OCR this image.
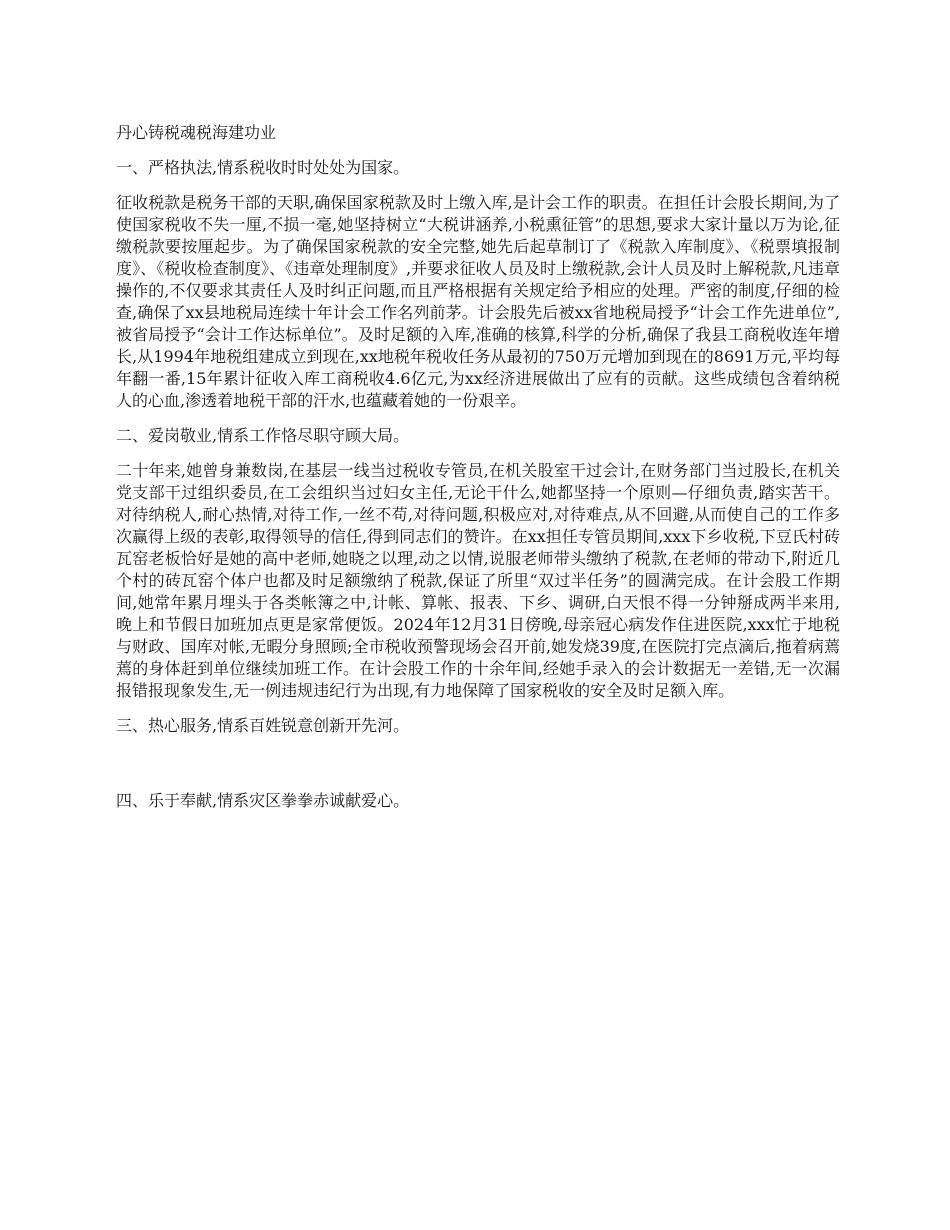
丹心铸税魂税海建功业

一、严格执法,情系税收时时处处为国家。

征收税款是税务干部的天职,确保国家税款及时上缴入库,是计会工作的职责。在担任计会股长期间,为了使国家税收不失一厘,不损一毫,她坚持树立“大税讲涵养,小税熏征管”的思想,要求大家计量以万为论,征缴税款要按厘起步。为了确保国家税款的安全完整,她先后起草制订了《税款入库制度》、《税票填报制度》、《税收检查制度》、《违章处理制度》,并要求征收人员及时上缴税款,会计人员及时上解税款,凡违章操作的,不仅要求其责任人及时纠正问题,而且严格根据有关规定给予相应的处理。严密的制度,仔细的检查,确保了xx县地税局连续十年计会工作名列前茅。计会股先后被xx省地税局授予“计会工作先进单位”,被省局授予“会计工作达标单位”。及时足额的入库,准确的核算,科学的分析,确保了我县工商税收连年增长,从1994年地税组建成立到现在,xx地税年税收任务从最初的750万元增加到现在的8691万元,平均每年翻一番,15年累计征收入库工商税收4.6亿元,为xx经济进展做出了应有的贡献。这些成绩包含着纳税人的心血,渗透着地税干部的汗水,也蕴藏着她的一份艰辛。

二、爱岗敬业,情系工作恪尽职守顾大局。

二十年来,她曾身兼数岗,在基层一线当过税收专管员,在机关股室干过会计,在财务部门当过股长,在机关党支部干过组织委员,在工会组织当过妇女主任,无论干什么,她都坚持一个原则—仔细负责,踏实苦干。对待纳税人,耐心热情,对待工作,一丝不苟,对待问题,积极应对,对待难点,从不回避,从而使自己的工作多次赢得上级的表彰,取得领导的信任,得到同志们的赞许。在xx担任专管员期间,xxx下乡收税,下豆氏村砖瓦窑老板恰好是她的高中老师,她晓之以理,动之以情,说服老师带头缴纳了税款,在老师的带动下,附近几个村的砖瓦窑个体户也都及时足额缴纳了税款,保证了所里“双过半任务”的圆满完成。在计会股工作期间,她常年累月埋头于各类帐簿之中,计帐、算帐、报表、下乡、调研,白天恨不得一分钟掰成两半来用,晚上和节假日加班加点更是家常便饭。2024年12月31日傍晚,母亲冠心病发作住进医院,xxx忙于地税与财政、国库对帐,无暇分身照顾;全市税收预警现场会召开前,她发烧39度,在医院打完点滴后,拖着病蔫蔫的身体赶到单位继续加班工作。在计会股工作的十余年间,经她手录入的会计数据无一差错,无一次漏报错报现象发生,无一例违规违纪行为出现,有力地保障了国家税收的安全及时足额入库。

三、热心服务,情系百姓锐意创新开先河。

四、乐于奉献,情系灾区拳拳赤诚献爱心。
